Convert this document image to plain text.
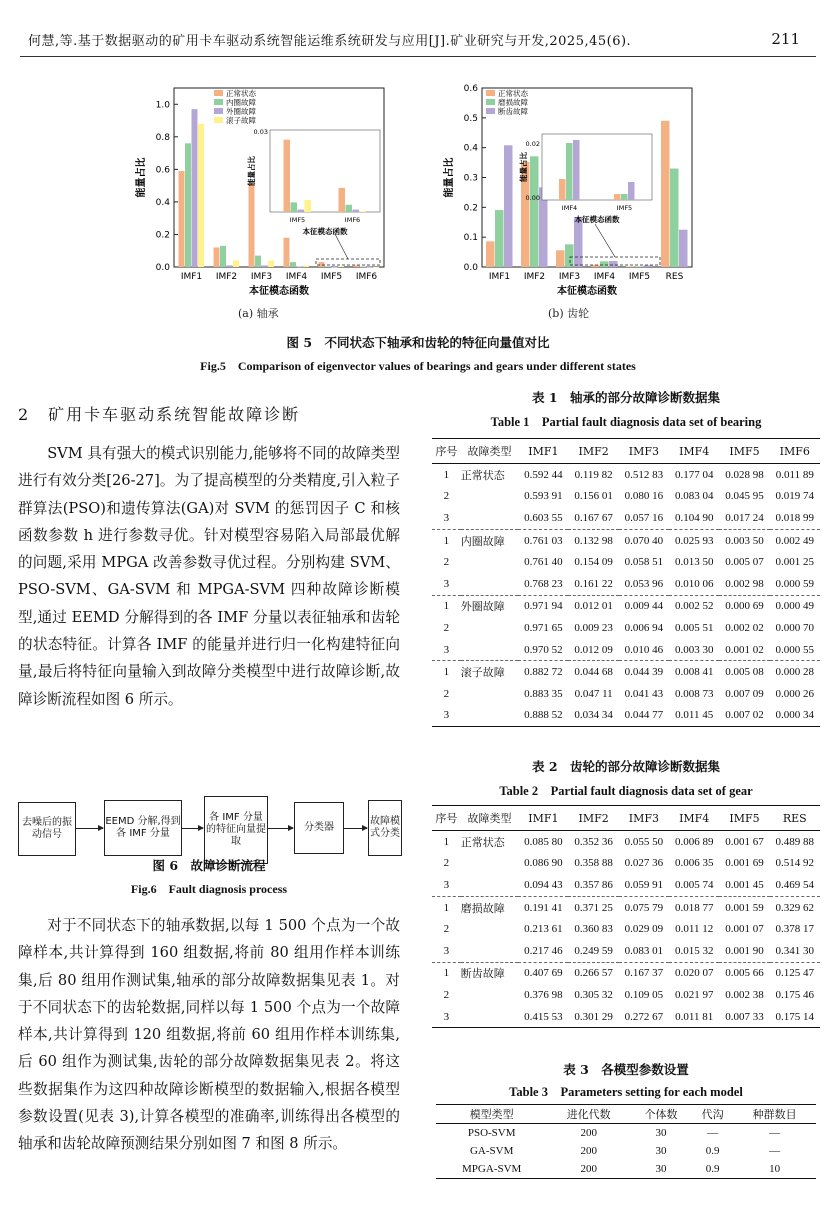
何慧,等.基于数据驱动的矿用卡车驱动系统智能运维系统研发与应用[J].矿业研究与开发,2025,45(6).	211
0.0
0.2
0.4
0.6
0.8
1.0
IMF1 IMF2 IMF3 IMF4 IMF5 IMF6
本征模态函数
能量占比
正常状态
内圈故障
外圈故障
滚子故障
能量占比
本征模态函数
IMF5	IMF6
0.03
0.0
0.1
0.2
0.3
0.4
0.5
0.6
IMF1 IMF2 IMF3 IMF4 IMF5 RES
本征模态函数
能量占比
正常状态
磨损故障
断齿故障
能量占比
本征模态函数
IMF4	IMF5
0.00
0.02
(a) 轴承	(b) 齿轮
图 5　不同状态下轴承和齿轮的特征向量值对比
Fig.5　Comparison of eigenvector values of bearings and gears under different states
2　矿用卡车驱动系统智能故障诊断

SVM 具有强大的模式识别能力,能够将不同的故障类型进行有效分类[26-27]。为了提高模型的分类精度,引入粒子群算法(PSO)和遗传算法(GA)对 SVM 的惩罚因子 C 和核函数参数 h 进行参数寻优。针对模型容易陷入局部最优解的问题,采用 MPGA 改善参数寻优过程。分别构建 SVM、PSO-SVM、GA-SVM 和 MPGA-SVM 四种故障诊断模型,通过 EEMD 分解得到的各 IMF 分量以表征轴承和齿轮的状态特征。计算各 IMF 的能量并进行归一化构建特征向量,最后将特征向量输入到故障分类模型中进行故障诊断,故障诊断流程如图 6 所示。

去噪后的振动信号
EEMD 分解,得到各 IMF 分量
各 IMF 分量的特征向量提取
分类器
故障模式分类
图 6　故障诊断流程
Fig.6　Fault diagnosis process

对于不同状态下的轴承数据,以每 1 500 个点为一个故障样本,共计算得到 160 组数据,将前 80 组用作样本训练集,后 80 组用作测试集,轴承的部分故障数据集见表 1。对于不同状态下的齿轮数据,同样以每 1 500 个点为一个故障样本,共计算得到 120 组数据,将前 60 组用作样本训练集,后 60 组作为测试集,齿轮的部分故障数据集见表 2。将这些数据集作为这四种故障诊断模型的数据输入,根据各模型参数设置(见表 3),计算各模型的准确率,训练得出各模型的轴承和齿轮故障预测结果分别如图 7 和图 8 所示。

表 1　轴承的部分故障诊断数据集
Table 1　Partial fault diagnosis data set of bearing
序号	故障类型	IMF1	IMF2	IMF3	IMF4	IMF5	IMF6
1	正常状态	0.592 44	0.119 82	0.512 83	0.177 04	0.028 98	0.011 89
2		0.593 91	0.156 01	0.080 16	0.083 04	0.045 95	0.019 74
3		0.603 55	0.167 67	0.057 16	0.104 90	0.017 24	0.018 99
1	内圈故障	0.761 03	0.132 98	0.070 40	0.025 93	0.003 50	0.002 49
2		0.761 40	0.154 09	0.058 51	0.013 50	0.005 07	0.001 25
3		0.768 23	0.161 22	0.053 96	0.010 06	0.002 98	0.000 59
1	外圈故障	0.971 94	0.012 01	0.009 44	0.002 52	0.000 69	0.000 49
2		0.971 65	0.009 23	0.006 94	0.005 51	0.002 02	0.000 70
3		0.970 52	0.012 09	0.010 46	0.003 30	0.001 02	0.000 55
1	滚子故障	0.882 72	0.044 68	0.044 39	0.008 41	0.005 08	0.000 28
2		0.883 35	0.047 11	0.041 43	0.008 73	0.007 09	0.000 26
3		0.888 52	0.034 34	0.044 77	0.011 45	0.007 02	0.000 34
表 2　齿轮的部分故障诊断数据集
Table 2　Partial fault diagnosis data set of gear
序号	故障类型	IMF1	IMF2	IMF3	IMF4	IMF5	RES
1	正常状态	0.085 80	0.352 36	0.055 50	0.006 89	0.001 67	0.489 88
2		0.086 90	0.358 88	0.027 36	0.006 35	0.001 69	0.514 92
3		0.094 43	0.357 86	0.059 91	0.005 74	0.001 45	0.469 54
1	磨损故障	0.191 41	0.371 25	0.075 79	0.018 77	0.001 59	0.329 62
2		0.213 61	0.360 83	0.029 09	0.011 12	0.001 07	0.378 17
3		0.217 46	0.249 59	0.083 01	0.015 32	0.001 90	0.341 30
1	断齿故障	0.407 69	0.266 57	0.167 37	0.020 07	0.005 66	0.125 47
2		0.376 98	0.305 32	0.109 05	0.021 97	0.002 38	0.175 46
3		0.415 53	0.301 29	0.272 67	0.011 81	0.007 33	0.175 14
表 3　各模型参数设置
Table 3　Parameters setting for each model
模型类型	进化代数	个体数	代沟	种群数目
PSO-SVM	200	30	—	—
GA-SVM	200	30	0.9	—
MPGA-SVM	200	30	0.9	10
